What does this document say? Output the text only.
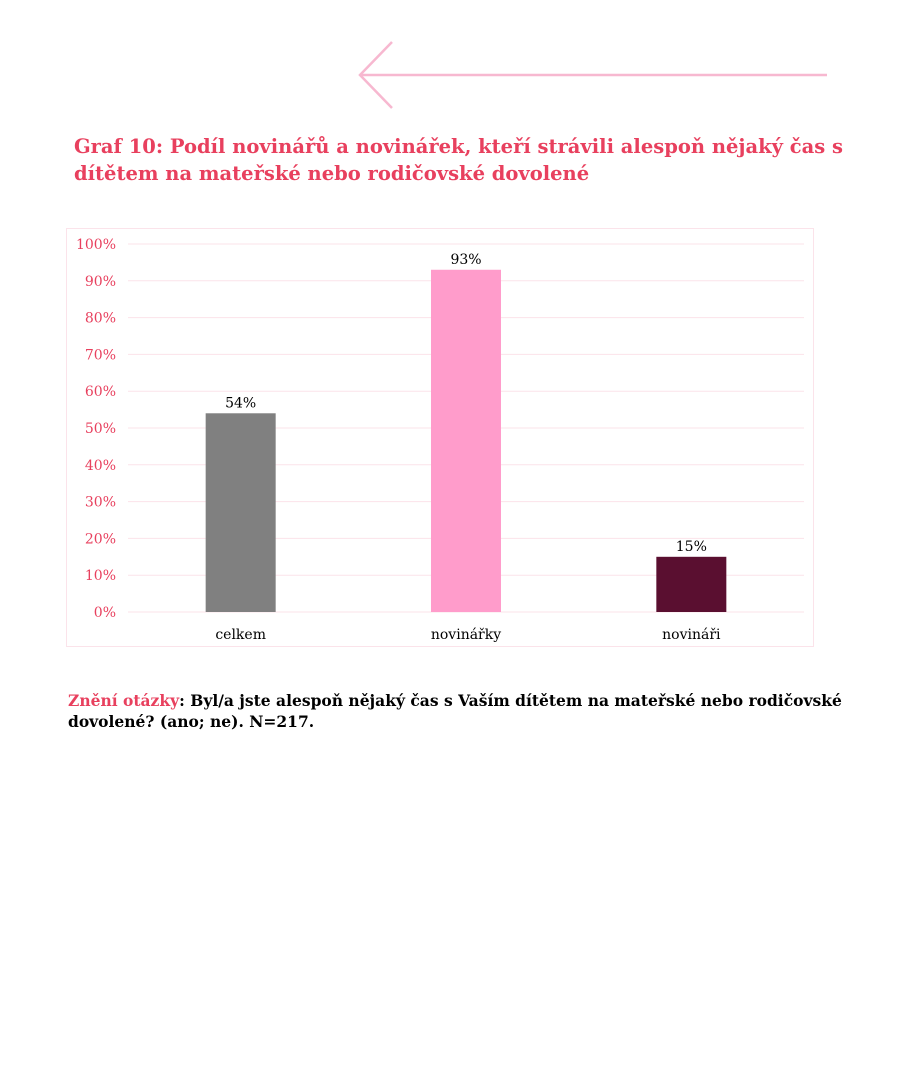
Graf 10: Podíl novinářů a novinářek, kteří strávili alespoň nějaký čas s dítětem na mateřské nebo rodičovské dovolené
0%
10%
20%
30%
40%
50%
60%
70%
80%
90%
100%
54%
celkem
93%
novinářky
15%
novináři

Znění otázky: Byl/a jste alespoň nějaký čas s Vaším dítětem na mateřské nebo rodičovské dovolené? (ano; ne). N=217.
